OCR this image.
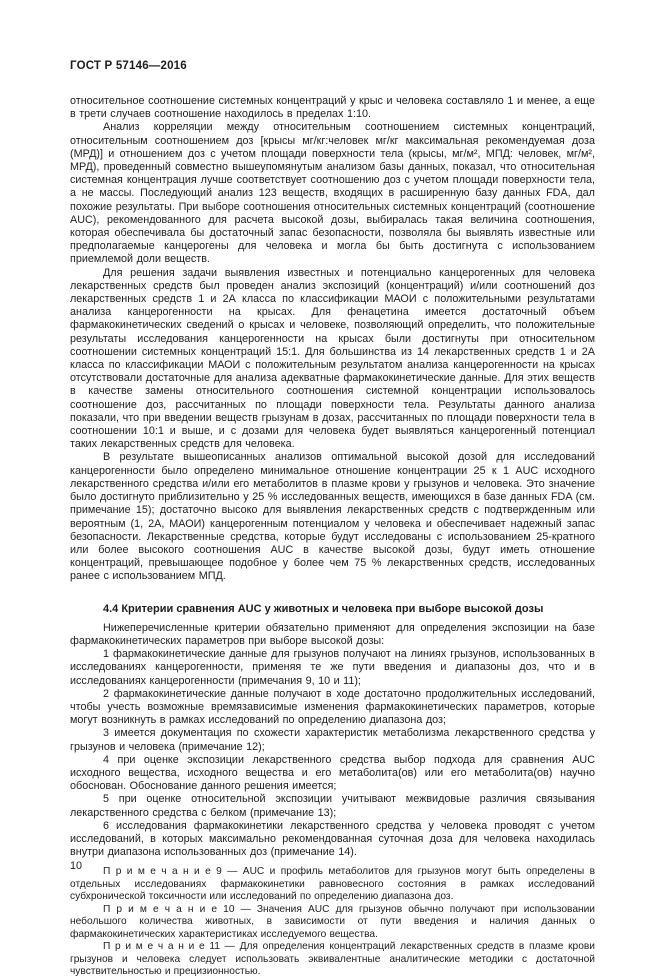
ГОСТ Р 57146—2016

относительное соотношение системных концентраций у крыс и человека составляло 1 и менее, а еще в трети случаев соотношение находилось в пределах 1:10.

Анализ корреляции между относительным соотношением системных концентраций, относительным соотношением доз [крысы мг/кг:человек мг/кг максимальная рекомендуемая доза (МРД)] и отношением доз с учетом площади поверхности тела (крысы, мг/м², МПД: человек, мг/м², МРД), проведенный совместно вышеупомянутым анализом базы данных, показал, что относительная системная концентрация лучше соответствует соотношению доз с учетом площади поверхности тела, а не массы. Последующий анализ 123 веществ, входящих в расширенную базу данных FDA, дал похожие результаты. При выборе соотношения относительных системных концентраций (соотношение AUC), рекомендованного для расчета высокой дозы, выбиралась такая величина соотношения, которая обеспечивала бы достаточный запас безопасности, позволяла бы выявлять известные или предполагаемые канцерогены для человека и могла бы быть достигнута с использованием приемлемой доли веществ.

Для решения задачи выявления известных и потенциально канцерогенных для человека лекарственных средств был проведен анализ экспозиций (концентраций) и/или соотношений доз лекарственных средств 1 и 2А класса по классификации МАОИ с положительными результатами анализа канцерогенности на крысах. Для фенацетина имеется достаточный объем фармакокинетических сведений о крысах и человеке, позволяющий определить, что положительные результаты исследования канцерогенности на крысах были достигнуты при относительном соотношении системных концентраций 15:1. Для большинства из 14 лекарственных средств 1 и 2А класса по классификации МАОИ с положительным результатом анализа канцерогенности на крысах отсутствовали достаточные для анализа адекватные фармакокинетические данные. Для этих веществ в качестве замены относительного соотношения системной концентрации использовалось соотношение доз, рассчитанных по площади поверхности тела. Результаты данного анализа показали, что при введении веществ грызунам в дозах, рассчитанных по площади поверхности тела в соотношении 10:1 и выше, и с дозами для человека будет выявляться канцерогенный потенциал таких лекарственных средств для человека.

В результате вышеописанных анализов оптимальной высокой дозой для исследований канцерогенности было определено минимальное отношение концентрации 25 к 1 AUC исходного лекарственного средства и/или его метаболитов в плазме крови у грызунов и человека. Это значение было достигнуто приблизительно у 25 % исследованных веществ, имеющихся в базе данных FDA (см. примечание 15); достаточно высоко для выявления лекарственных средств с подтвержденным или вероятным (1, 2А, МАОИ) канцерогенным потенциалом у человека и обеспечивает надежный запас безопасности. Лекарственные средства, которые будут исследованы с использованием 25-кратного или более высокого соотношения AUC в качестве высокой дозы, будут иметь отношение концентраций, превышающее подобное у более чем 75 % лекарственных средств, исследованных ранее с использованием МПД.

4.4 Критерии сравнения AUC у животных и человека при выборе высокой дозы

Нижеперечисленные критерии обязательно применяют для определения экспозиции на базе фармакокинетических параметров при выборе высокой дозы:

1 фармакокинетические данные для грызунов получают на линиях грызунов, использованных в исследованиях канцерогенности, применяя те же пути введения и диапазоны доз, что и в исследованиях канцерогенности (примечания 9, 10 и 11);

2 фармакокинетические данные получают в ходе достаточно продолжительных исследований, чтобы учесть возможные времязависимые изменения фармакокинетических параметров, которые могут возникнуть в рамках исследований по определению диапазона доз;

3 имеется документация по схожести характеристик метаболизма лекарственного средства у грызунов и человека (примечание 12);

4 при оценке экспозиции лекарственного средства выбор подхода для сравнения AUC исходного вещества, исходного вещества и его метаболита(ов) или его метаболита(ов) научно обоснован. Обоснование данного решения имеется;

5 при оценке относительной экспозиции учитывают межвидовые различия связывания лекарственного средства с белком (примечание 13);

6 исследования фармакокинетики лекарственного средства у человека проводят с учетом исследований, в которых максимально рекомендованная суточная доза для человека находилась внутри диапазона использованных доз (примечание 14).

П р и м е ч а н и е 9 — AUC и профиль метаболитов для грызунов могут быть определены в отдельных исследованиях фармакокинетики равновесного состояния в рамках исследований субхронической токсичности или исследований по определению диапазона доз.

П р и м е ч а н и е 10 — Значения AUC для грызунов обычно получают при использовании небольшого количества животных, в зависимости от пути введения и наличия данных о фармакокинетических характеристиках исследуемого вещества.

П р и м е ч а н и е 11 — Для определения концентраций лекарственных средств в плазме крови грызунов и человека следует использовать эквивалентные аналитические методики с достаточной чувствительностью и прецизионностью.

10
